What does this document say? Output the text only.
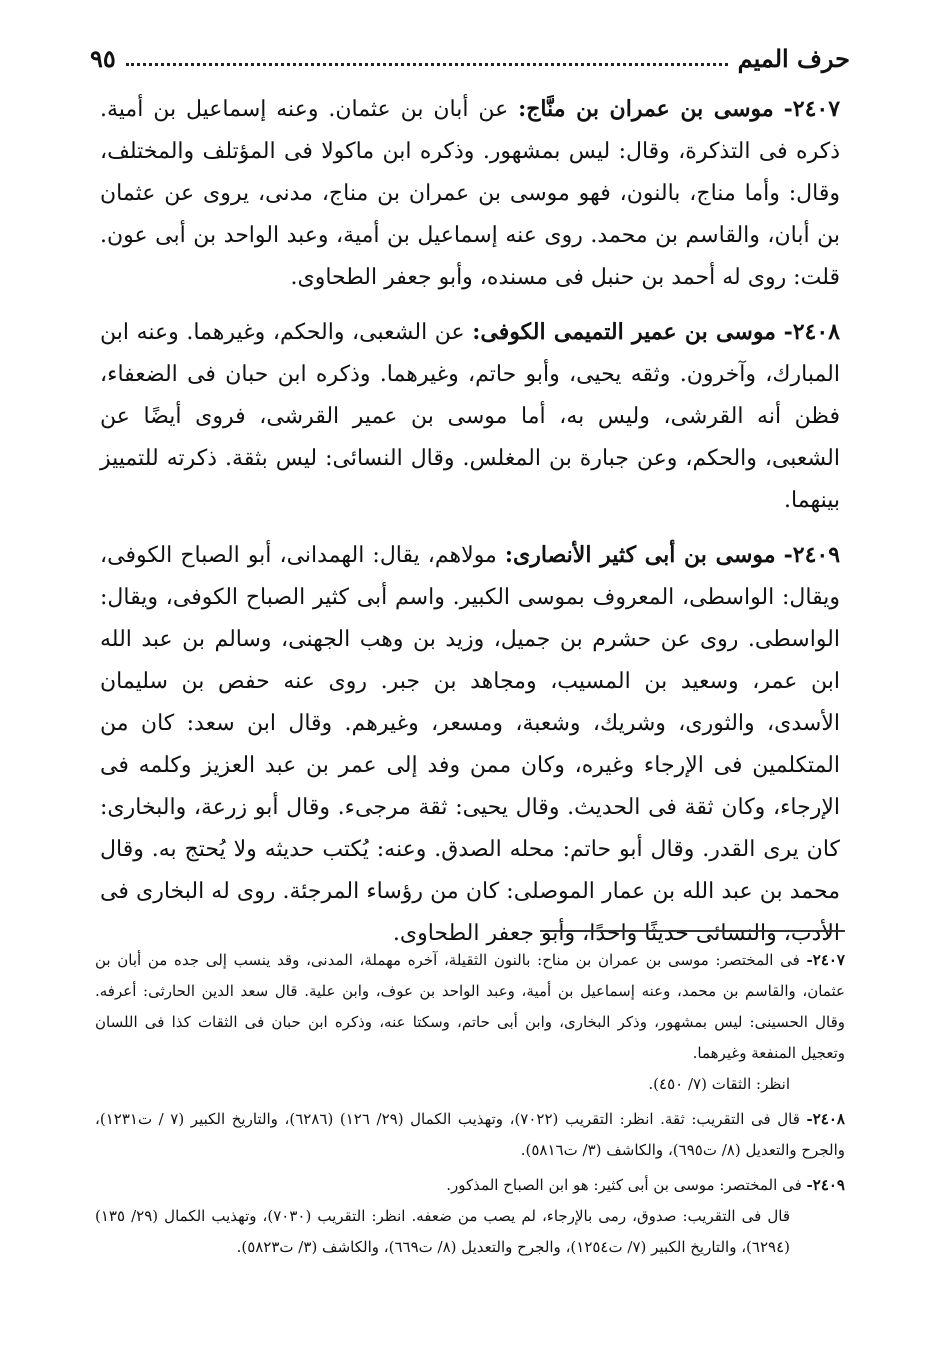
حرف الميم
٩٥

٢٤٠٧- موسى بن عمران بن منَّاج: عن أبان بن عثمان. وعنه إسماعيل بن أمية. ذكره فى التذكرة، وقال: ليس بمشهور. وذكره ابن ماكولا فى المؤتلف والمختلف، وقال: وأما مناج، بالنون، فهو موسى بن عمران بن مناج، مدنى، يروى عن عثمان بن أبان، والقاسم بن محمد. روى عنه إسماعيل بن أمية، وعبد الواحد بن أبى عون. قلت: روى له أحمد بن حنبل فى مسنده، وأبو جعفر الطحاوى.

٢٤٠٨- موسى بن عمير التميمى الكوفى: عن الشعبى، والحكم، وغيرهما. وعنه ابن المبارك، وآخرون. وثقه يحيى، وأبو حاتم، وغيرهما. وذكره ابن حبان فى الضعفاء، فظن أنه القرشى، وليس به، أما موسى بن عمير القرشى، فروى أيضًا عن الشعبى، والحكم، وعن جبارة بن المغلس. وقال النسائى: ليس بثقة. ذكرته للتمييز بينهما.

٢٤٠٩- موسى بن أبى كثير الأنصارى: مولاهم، يقال: الهمدانى، أبو الصباح الكوفى، ويقال: الواسطى، المعروف بموسى الكبير. واسم أبى كثير الصباح الكوفى، ويقال: الواسطى. روى عن حشرم بن جميل، وزيد بن وهب الجهنى، وسالم بن عبد الله ابن عمر، وسعيد بن المسيب، ومجاهد بن جبر. روى عنه حفص بن سليمان الأسدى، والثورى، وشريك، وشعبة، ومسعر، وغيرهم. وقال ابن سعد: كان من المتكلمين فى الإرجاء وغيره، وكان ممن وفد إلى عمر بن عبد العزيز وكلمه فى الإرجاء، وكان ثقة فى الحديث. وقال يحيى: ثقة مرجىء. وقال أبو زرعة، والبخارى: كان يرى القدر. وقال أبو حاتم: محله الصدق. وعنه: يُكتب حديثه ولا يُحتج به. وقال محمد بن عبد الله بن عمار الموصلى: كان من رؤساء المرجئة. روى له البخارى فى الأدب، والنسائى حديثًا واحدًا، وأبو جعفر الطحاوى.

٢٤٠٧- فى المختصر: موسى بن عمران بن مناح: بالنون الثقيلة، آخره مهملة، المدنى، وقد ينسب إلى جده من أبان بن عثمان، والقاسم بن محمد، وعنه إسماعيل بن أمية، وعبد الواحد بن عوف، وابن علية. قال سعد الدين الحارثى: أعرفه. وقال الحسينى: ليس بمشهور، وذكر البخارى، وابن أبى حاتم، وسكتا عنه، وذكره ابن حبان فى الثقات كذا فى اللسان وتعجيل المنفعة وغيرهما.
انظر: الثقات (٧/ ٤٥٠).

٢٤٠٨- قال فى التقريب: ثقة. انظر: التقريب (٧٠٢٢)، وتهذيب الكمال (٢٩/ ١٢٦) (٦٢٨٦)، والتاريخ الكبير (٧ / ت١٢٣١)، والجرح والتعديل (٨/ ت٦٩٥)، والكاشف (٣/ ت٥٨١٦).

٢٤٠٩- فى المختصر: موسى بن أبى كثير: هو ابن الصباح المذكور.
قال فى التقريب: صدوق، رمى بالإرجاء، لم يصب من ضعفه. انظر: التقريب (٧٠٣٠)، وتهذيب الكمال (٢٩/ ١٣٥) (٦٢٩٤)، والتاريخ الكبير (٧/ ت١٢٥٤)، والجرح والتعديل (٨/ ت٦٦٩)، والكاشف (٣/ ت٥٨٢٣).
